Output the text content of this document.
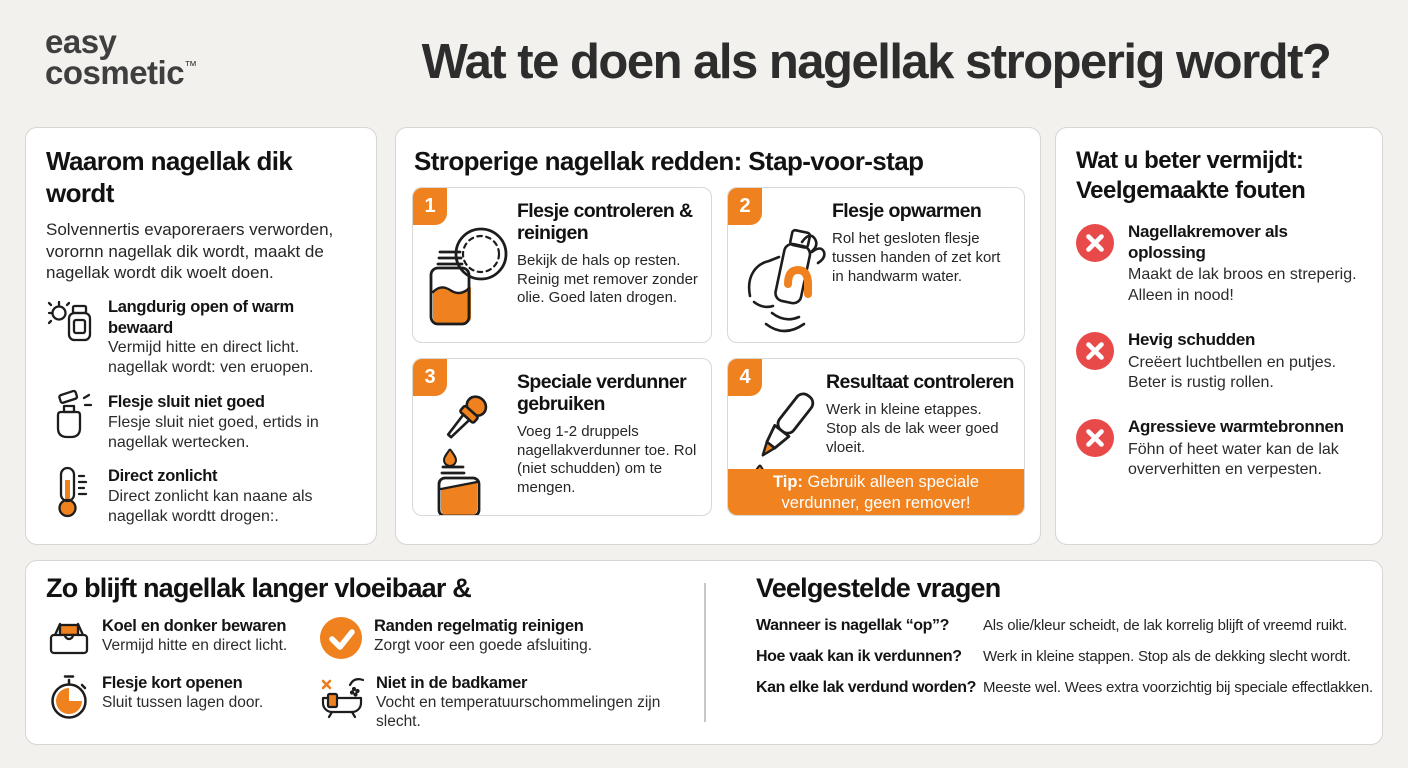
easy
cosmetic™	Wat te doen als nagellak stroperig wordt?
Waarom nagellak dik wordt

Solvennertis evaporeraers verworden, vorornn nagellak dik wordt, maakt de nagellak wordt dik woelt doen.

Langdurig open of warm bewaard
Vermijd hitte en direct licht. nagellak wordt: ven eruopen.
Flesje sluit niet goed
Flesje sluit niet goed, ertids in nagellak wertecken.
Direct zonlicht
Direct zonlicht kan naane als nagellak wordtt drogen:.
Stroperige nagellak redden: Stap-voor-stap
1	Flesje controleren & reinigen
Bekijk de hals op resten. Reinig met remover zonder olie. Goed laten drogen.
2	Flesje opwarmen
Rol het gesloten flesje tussen handen of zet kort in handwarm water.
3	Speciale verdunner gebruiken
Voeg 1-2 druppels nagellakverdunner toe. Rol (niet schudden) om te mengen.
4	Resultaat controleren
Werk in kleine etappes. Stop als de lak weer goed vloeit.
Tip: Gebruik alleen speciale verdunner, geen remover!
Wat u beter vermijdt: Veelgemaakte fouten
Nagellakremover als oplossing
Maakt de lak broos en streperig. Alleen in nood!
Hevig schudden
Creëert luchtbellen en putjes. Beter is rustig rollen.
Agressieve warmtebronnen
Föhn of heet water kan de lak oververhitten en verpesten.
Zo blijft nagellak langer vloeibaar &
Koel en donker bewaren
Vermijd hitte en direct licht.
Randen regelmatig reinigen
Zorgt voor een goede afsluiting.
Flesje kort openen
Sluit tussen lagen door.
Niet in de badkamer
Vocht en temperatuurschommelingen zijn slecht.
Veelgestelde vragen
Wanneer is nagellak “op”?	Als olie/kleur scheidt, de lak korrelig blijft of vreemd ruikt.
Hoe vaak kan ik verdunnen?	Werk in kleine stappen. Stop als de dekking slecht wordt.
Kan elke lak verdund worden? Meeste wel. Wees extra voorzichtig bij speciale effectlakken.
